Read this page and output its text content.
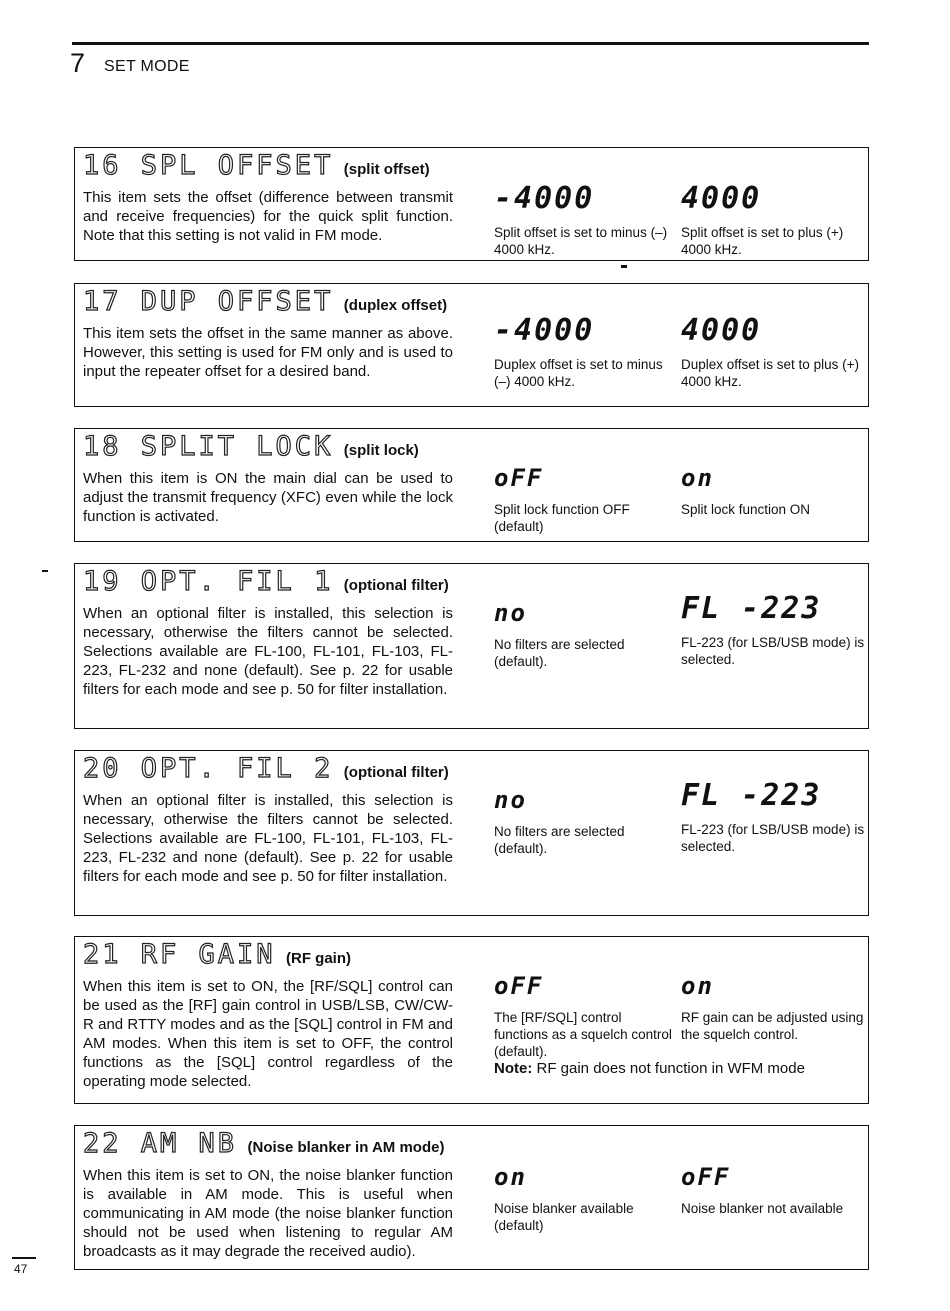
7 SET MODE
16 SPL OFFSET (split offset)
This item sets the offset (difference between transmit and receive frequencies) for the quick split function. Note that this setting is not valid in FM mode.
-4000
Split offset is set to minus (–) 4000 kHz.
4000
Split offset is set to plus (+) 4000 kHz.
17 DUP OFFSET (duplex offset)
This item sets the offset in the same manner as above. However, this setting is used for FM only and is used to input the repeater offset for a desired band.
-4000
Duplex offset is set to minus (–) 4000 kHz.
4000
Duplex offset is set to plus (+) 4000 kHz.
18 SPLIT LOCK (split lock)
When this item is ON the main dial can be used to adjust the transmit frequency (XFC) even while the lock function is activated.
oFF
Split lock function OFF (default)
on
Split lock function ON
19 OPT. FIL 1 (optional filter)
When an optional filter is installed, this selection is necessary, otherwise the filters cannot be selected. Selections available are FL-100, FL-101, FL-103, FL-223, FL-232 and none (default). See p. 22 for usable filters for each mode and see p. 50 for filter installation.
no
No filters are selected (default).
FL -223
FL-223 (for LSB/USB mode) is selected.
20 OPT. FIL 2 (optional filter)
When an optional filter is installed, this selection is necessary, otherwise the filters cannot be selected. Selections available are FL-100, FL-101, FL-103, FL-223, FL-232 and none (default). See p. 22 for usable filters for each mode and see p. 50 for filter installation.
no
No filters are selected (default).
FL -223
FL-223 (for LSB/USB mode) is selected.
21 RF GAIN (RF gain)
When this item is set to ON, the [RF/SQL] control can be used as the [RF] gain control in USB/LSB, CW/CW-R and RTTY modes and as the [SQL] control in FM and AM modes. When this item is set to OFF, the control functions as the [SQL] control regardless of the operating mode selected.
oFF
The [RF/SQL] control functions as a squelch control (default).
on
RF gain can be adjusted using the squelch control.
Note: RF gain does not function in WFM mode
22 AM NB (Noise blanker in AM mode)
When this item is set to ON, the noise blanker function is available in AM mode. This is useful when communicating in AM mode (the noise blanker function should not be used when listening to regular AM broadcasts as it may degrade the received audio).
on
Noise blanker available (default)
oFF
Noise blanker not available
47
